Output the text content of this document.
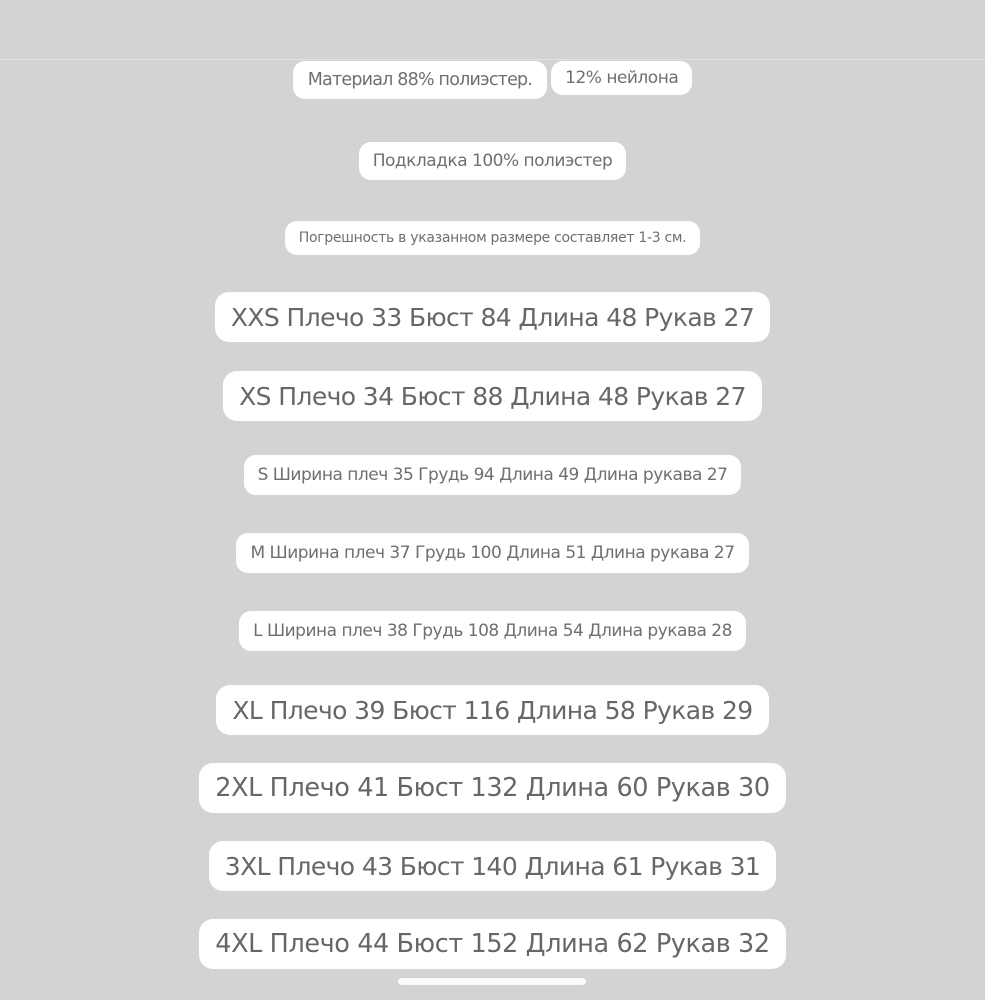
Материал 88% полиэстер.	12% нейлона
Подкладка 100% полиэстер
Погрешность в указанном размере составляет 1-3 см.
XXS Плечо 33 Бюст 84 Длина 48 Рукав 27
XS Плечо 34 Бюст 88 Длина 48 Рукав 27
S Ширина плеч 35 Грудь 94 Длина 49 Длина рукава 27
M Ширина плеч 37 Грудь 100 Длина 51 Длина рукава 27
L Ширина плеч 38 Грудь 108 Длина 54 Длина рукава 28
XL Плечо 39 Бюст 116 Длина 58 Рукав 29
2XL Плечо 41 Бюст 132 Длина 60 Рукав 30
3XL Плечо 43 Бюст 140 Длина 61 Рукав 31
4XL Плечо 44 Бюст 152 Длина 62 Рукав 32
